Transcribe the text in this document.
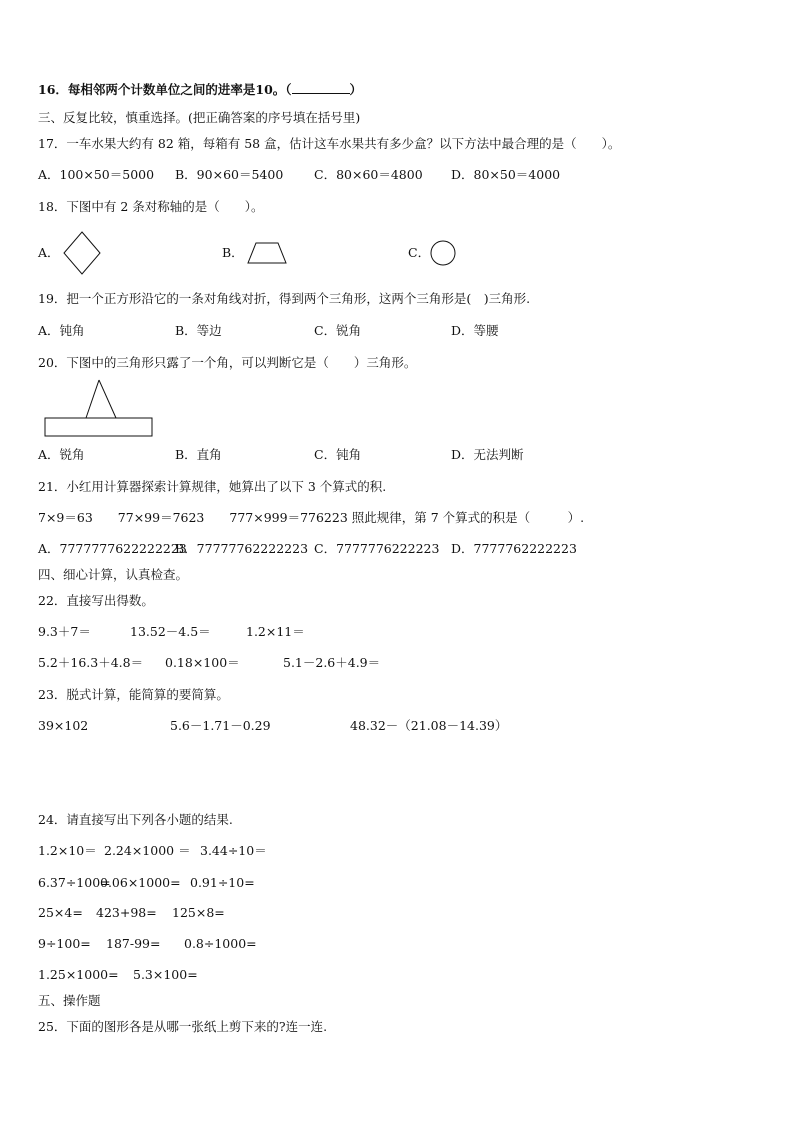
16．每相邻两个计数单位之间的进率是10。（	）
三、反复比较，慎重选择。(把正确答案的序号填在括号里)
17．一车水果大约有 82 箱，每箱有 58 盒，估计这车水果共有多少盒？以下方法中最合理的是（　　）。
A．100×50＝5000 B．90×60＝5400 C．80×60＝4800 D．80×50＝4000
18．下图中有 2 条对称轴的是（　　）。
A．	B．	C．
19．把一个正方形沿它的一条对角线对折，得到两个三角形，这两个三角形是(　)三角形.
A．钝角	B．等边	C．锐角	D．等腰
20．下图中的三角形只露了一个角，可以判断它是（　　）三角形。
A．锐角	B．直角	C．钝角	D．无法判断
21．小红用计算器探索计算规律，她算出了以下 3 个算式的积.
7×9＝63　　77×99＝7623　　777×999＝776223 照此规律，第 7 个算式的积是（　　　）.
A．7777777622222223
B．77777762222223 C．7777776222223 D．7777762222223
四、细心计算，认真检查。
22．直接写出得数。
9.3＋7＝	13.52－4.5＝	1.2×11＝
5.2＋16.3＋4.8＝ 0.18×100＝	5.1－2.6＋4.9＝
23．脱式计算，能简算的要简算。
39×102	5.6－1.71－0.29	48.32－（21.08－14.39）
24．请直接写出下列各小题的结果.
1.2×10＝ 2.24×1000 ＝ 3.44÷10＝
6.37÷100=
0.06×1000= 0.91÷10=
25×4= 423+98= 125×8=
9÷100= 187-99= 0.8÷1000=
1.25×1000= 5.3×100=
五、操作题
25．下面的图形各是从哪一张纸上剪下来的?连一连.
